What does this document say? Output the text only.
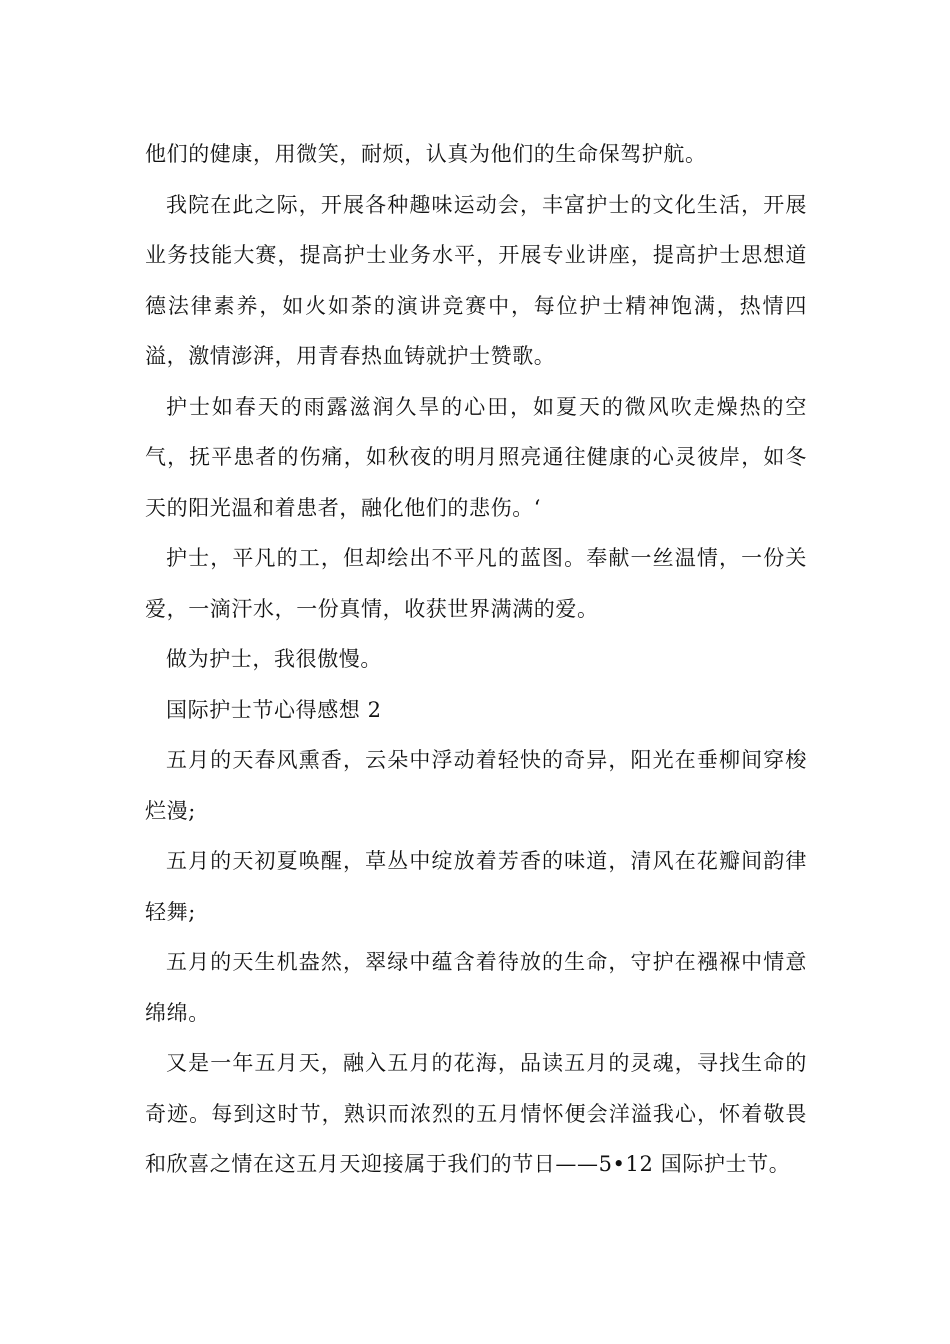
他们的健康，用微笑，耐烦，认真为他们的生命保驾护航。

我院在此之际，开展各种趣味运动会，丰富护士的文化生活，开展业务技能大赛，提高护士业务水平，开展专业讲座，提高护士思想道德法律素养，如火如荼的演讲竞赛中，每位护士精神饱满，热情四溢，激情澎湃，用青春热血铸就护士赞歌。

护士如春天的雨露滋润久旱的心田，如夏天的微风吹走燥热的空气，抚平患者的伤痛，如秋夜的明月照亮通往健康的心灵彼岸，如冬天的阳光温和着患者，融化他们的悲伤。‘

护士，平凡的工，但却绘出不平凡的蓝图。奉献一丝温情，一份关爱，一滴汗水，一份真情，收获世界满满的爱。

做为护士，我很傲慢。

国际护士节心得感想 2

五月的天春风熏香，云朵中浮动着轻快的奇异，阳光在垂柳间穿梭烂漫;

五月的天初夏唤醒，草丛中绽放着芳香的味道，清风在花瓣间韵律轻舞;

五月的天生机盎然，翠绿中蕴含着待放的生命，守护在襁褓中情意绵绵。

又是一年五月天，融入五月的花海，品读五月的灵魂，寻找生命的奇迹。每到这时节，熟识而浓烈的五月情怀便会洋溢我心，怀着敬畏和欣喜之情在这五月天迎接属于我们的节日——5•12 国际护士节。
